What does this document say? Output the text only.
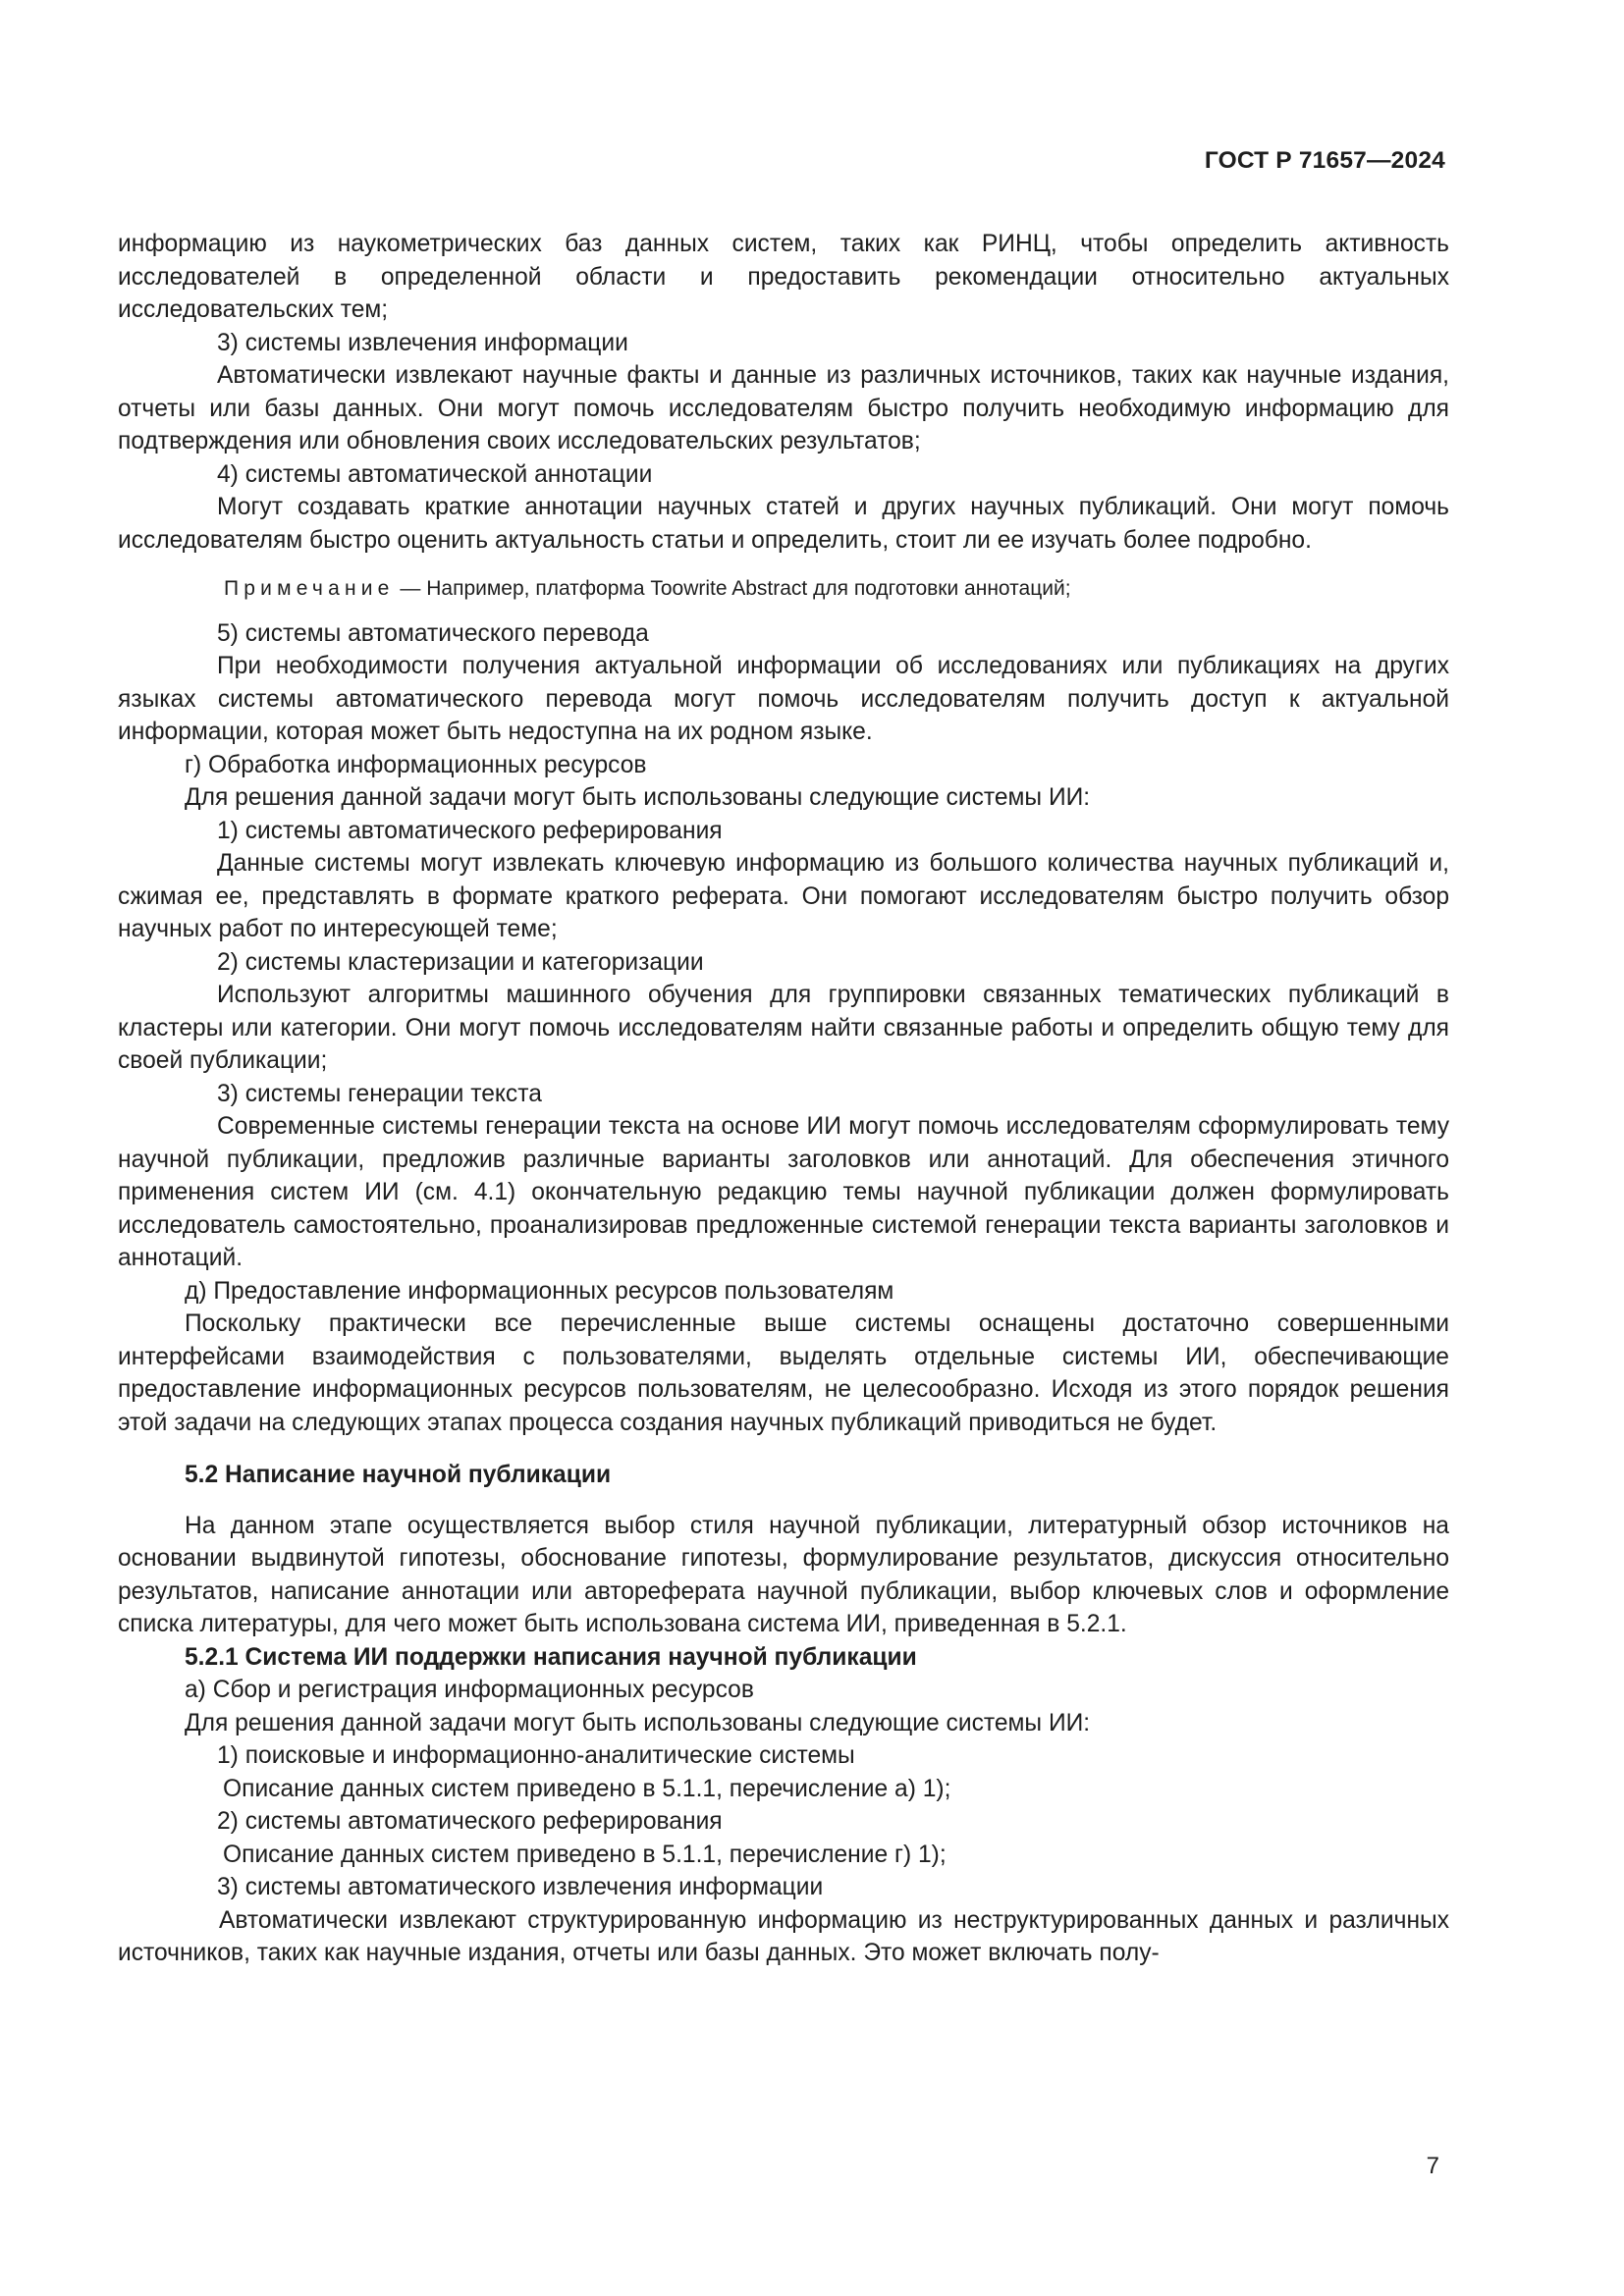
ГОСТ Р 71657—2024

информацию из наукометрических баз данных систем, таких как РИНЦ, чтобы определить активность исследователей в определенной области и предоставить рекомендации относительно актуальных исследовательских тем;

3) системы извлечения информации

Автоматически извлекают научные факты и данные из различных источников, таких как научные издания, отчеты или базы данных. Они могут помочь исследователям быстро получить необходимую информацию для подтверждения или обновления своих исследовательских результатов;

4) системы автоматической аннотации

Могут создавать краткие аннотации научных статей и других научных публикаций. Они могут помочь исследователям быстро оценить актуальность статьи и определить, стоит ли ее изучать более подробно.

Примечание — Например, платформа Toowrite Abstract для подготовки аннотаций;

5) системы автоматического перевода

При необходимости получения актуальной информации об исследованиях или публикациях на других языках системы автоматического перевода могут помочь исследователям получить доступ к актуальной информации, которая может быть недоступна на их родном языке.

г) Обработка информационных ресурсов

Для решения данной задачи могут быть использованы следующие системы ИИ:

1) системы автоматического реферирования

Данные системы могут извлекать ключевую информацию из большого количества научных публикаций и, сжимая ее, представлять в формате краткого реферата. Они помогают исследователям быстро получить обзор научных работ по интересующей теме;

2) системы кластеризации и категоризации

Используют алгоритмы машинного обучения для группировки связанных тематических публикаций в кластеры или категории. Они могут помочь исследователям найти связанные работы и определить общую тему для своей публикации;

3) системы генерации текста

Современные системы генерации текста на основе ИИ могут помочь исследователям сформулировать тему научной публикации, предложив различные варианты заголовков или аннотаций. Для обеспечения этичного применения систем ИИ (см. 4.1) окончательную редакцию темы научной публикации должен формулировать исследователь самостоятельно, проанализировав предложенные системой генерации текста варианты заголовков и аннотаций.

д) Предоставление информационных ресурсов пользователям

Поскольку практически все перечисленные выше системы оснащены достаточно совершенными интерфейсами взаимодействия с пользователями, выделять отдельные системы ИИ, обеспечивающие предоставление информационных ресурсов пользователям, не целесообразно. Исходя из этого порядок решения этой задачи на следующих этапах процесса создания научных публикаций приводиться не будет.

5.2 Написание научной публикации

На данном этапе осуществляется выбор стиля научной публикации, литературный обзор источников на основании выдвинутой гипотезы, обоснование гипотезы, формулирование результатов, дискуссия относительно результатов, написание аннотации или автореферата научной публикации, выбор ключевых слов и оформление списка литературы, для чего может быть использована система ИИ, приведенная в 5.2.1.

5.2.1 Система ИИ поддержки написания научной публикации

а) Сбор и регистрация информационных ресурсов

Для решения данной задачи могут быть использованы следующие системы ИИ:

1) поисковые и информационно-аналитические системы

Описание данных систем приведено в 5.1.1, перечисление а) 1);

2) системы автоматического реферирования

Описание данных систем приведено в 5.1.1, перечисление г) 1);

3) системы автоматического извлечения информации

Автоматически извлекают структурированную информацию из неструктурированных данных и различных источников, таких как научные издания, отчеты или базы данных. Это может включать полу-

7
